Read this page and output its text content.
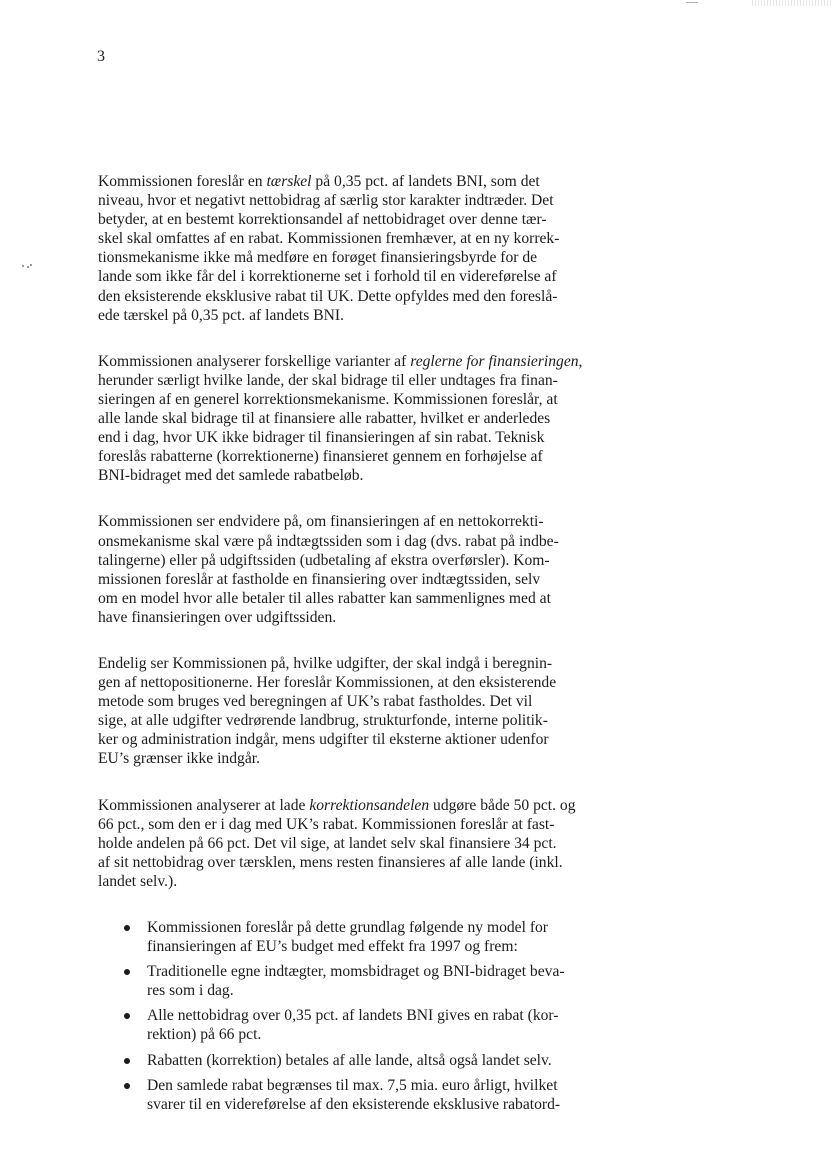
3
Kommissionen foreslår en tærskel på 0,35 pct. af landets BNI, som det
niveau, hvor et negativt nettobidrag af særlig stor karakter indtræder. Det
betyder, at en bestemt korrektionsandel af nettobidraget over denne tær-
skel skal omfattes af en rabat. Kommissionen fremhæver, at en ny korrek-
tionsmekanisme ikke må medføre en forøget finansieringsbyrde for de
lande som ikke får del i korrektionerne set i forhold til en videreførelse af
den eksisterende eksklusive rabat til UK. Dette opfyldes med den foreslå-
ede tærskel på 0,35 pct. af landets BNI.
Kommissionen analyserer forskellige varianter af reglerne for finansieringen,
herunder særligt hvilke lande, der skal bidrage til eller undtages fra finan-
sieringen af en generel korrektionsmekanisme. Kommissionen foreslår, at
alle lande skal bidrage til at finansiere alle rabatter, hvilket er anderledes
end i dag, hvor UK ikke bidrager til finansieringen af sin rabat. Teknisk
foreslås rabatterne (korrektionerne) finansieret gennem en forhøjelse af
BNI-bidraget med det samlede rabatbeløb.
Kommissionen ser endvidere på, om finansieringen af en nettokorrekti-
onsmekanisme skal være på indtægtssiden som i dag (dvs. rabat på indbe-
talingerne) eller på udgiftssiden (udbetaling af ekstra overførsler). Kom-
missionen foreslår at fastholde en finansiering over indtægtssiden, selv
om en model hvor alle betaler til alles rabatter kan sammenlignes med at
have finansieringen over udgiftssiden.
Endelig ser Kommissionen på, hvilke udgifter, der skal indgå i beregnin-
gen af nettopositionerne. Her foreslår Kommissionen, at den eksisterende
metode som bruges ved beregningen af UK’s rabat fastholdes. Det vil
sige, at alle udgifter vedrørende landbrug, strukturfonde, interne politik-
ker og administration indgår, mens udgifter til eksterne aktioner udenfor
EU’s grænser ikke indgår.
Kommissionen analyserer at lade korrektionsandelen udgøre både 50 pct. og
66 pct., som den er i dag med UK’s rabat. Kommissionen foreslår at fast-
holde andelen på 66 pct. Det vil sige, at landet selv skal finansiere 34 pct.
af sit nettobidrag over tærsklen, mens resten finansieres af alle lande (inkl.
landet selv.).
Kommissionen foreslår på dette grundlag følgende ny model for
finansieringen af EU’s budget med effekt fra 1997 og frem:
Traditionelle egne indtægter, momsbidraget og BNI-bidraget beva-
res som i dag.
Alle nettobidrag over 0,35 pct. af landets BNI gives en rabat (kor-
rektion) på 66 pct.
Rabatten (korrektion) betales af alle lande, altså også landet selv.
Den samlede rabat begrænses til max. 7,5 mia. euro årligt, hvilket
svarer til en videreførelse af den eksisterende eksklusive rabatord-
